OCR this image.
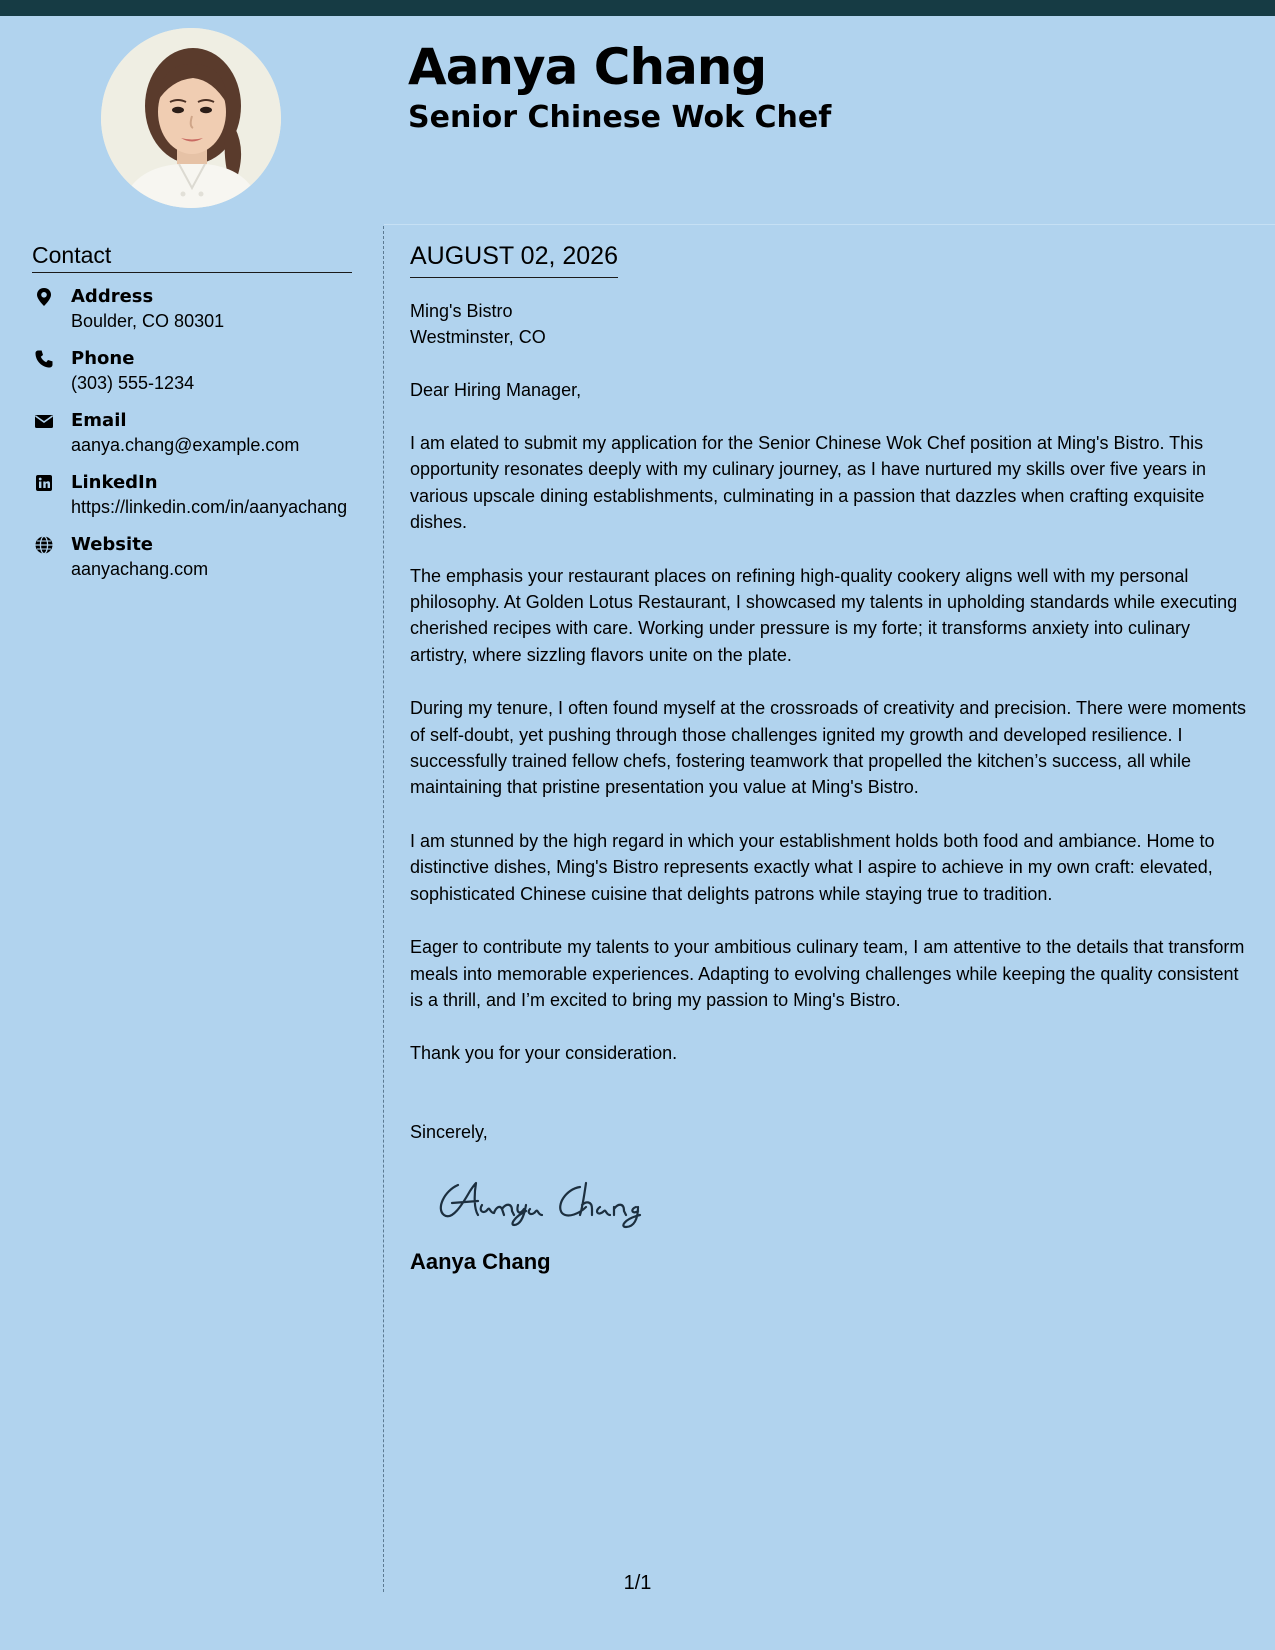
Aanya Chang
Senior Chinese Wok Chef
Contact
Address
Boulder, CO 80301
Phone
(303) 555-1234
Email
aanya.chang@example.com
LinkedIn
https://linkedin.com/in/aanyachang
Website
aanyachang.com
AUGUST 02, 2026
Ming's Bistro
Westminster, CO
Dear Hiring Manager,

I am elated to submit my application for the Senior Chinese Wok Chef position at Ming's Bistro. This opportunity resonates deeply with my culinary journey, as I have nurtured my skills over five years in various upscale dining establishments, culminating in a passion that dazzles when crafting exquisite dishes.

The emphasis your restaurant places on refining high-quality cookery aligns well with my personal philosophy. At Golden Lotus Restaurant, I showcased my talents in upholding standards while executing cherished recipes with care. Working under pressure is my forte; it transforms anxiety into culinary artistry, where sizzling flavors unite on the plate.

During my tenure, I often found myself at the crossroads of creativity and precision. There were moments of self-doubt, yet pushing through those challenges ignited my growth and developed resilience. I successfully trained fellow chefs, fostering teamwork that propelled the kitchen’s success, all while maintaining that pristine presentation you value at Ming's Bistro.

I am stunned by the high regard in which your establishment holds both food and ambiance. Home to distinctive dishes, Ming's Bistro represents exactly what I aspire to achieve in my own craft: elevated, sophisticated Chinese cuisine that delights patrons while staying true to tradition.

Eager to contribute my talents to your ambitious culinary team, I am attentive to the details that transform meals into memorable experiences. Adapting to evolving challenges while keeping the quality consistent is a thrill, and I’m excited to bring my passion to Ming's Bistro.

Thank you for your consideration.

Sincerely,
Aanya Chang
1/1
